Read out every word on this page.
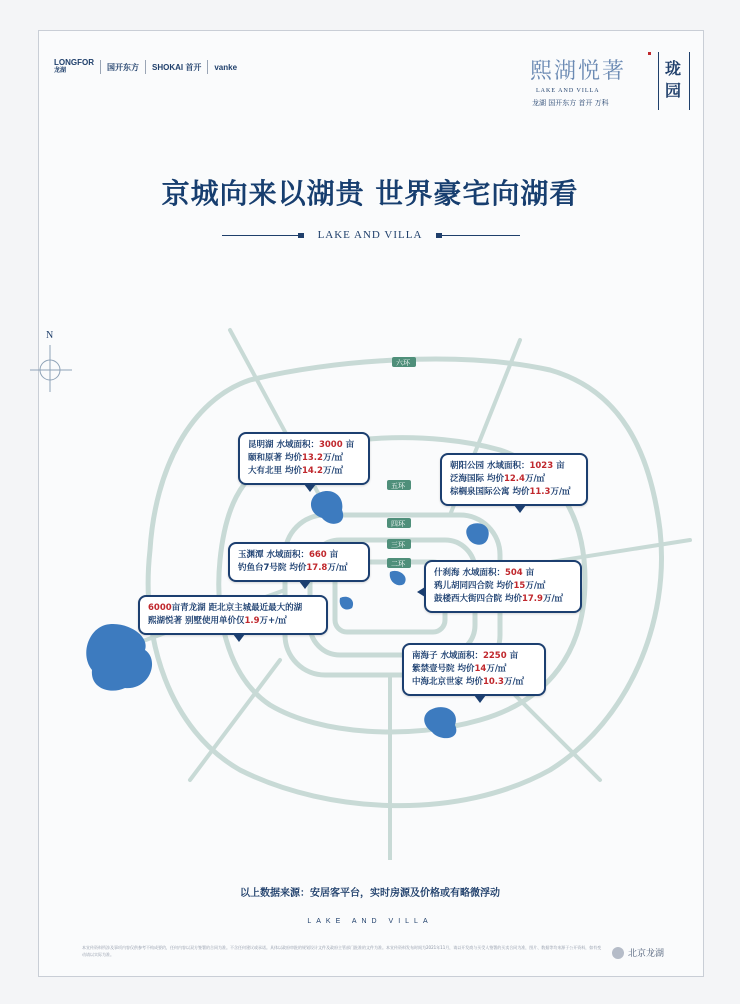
LONGFOR
龙湖	国开东方 SHOKAI 首开 vanke	熙湖悦著
LAKE AND VILLA
龙湖 国开东方 首开 万科
珑园
京城向来以湖贵 世界豪宅向湖看
LAKE AND VILLA
N
六环
五环
四环
三环
二环
昆明湖 水域面积：3000 亩
颐和原著 均价13.2万/㎡
大有北里 均价14.2万/㎡	朝阳公园 水域面积：1023 亩
泛海国际 均价12.4万/㎡
棕榈泉国际公寓 均价11.3万/㎡
玉渊潭 水域面积：660 亩
钓鱼台7号院 均价17.8万/㎡	什刹海 水域面积：504 亩
鸦儿胡同四合院 均价15万/㎡
鼓楼西大街四合院 均价17.9万/㎡
6000亩青龙湖 距北京主城最近最大的湖
熙湖悦著 别墅使用单价仅1.9万+/㎡
南海子 水域面积：2250 亩
紫禁壹号院 均价14万/㎡
中海北京世家 均价10.3万/㎡
以上数据来源：安居客平台，实时房源及价格或有略微浮动
LAKE AND VILLA
本宣传资料所涉及事项内容仅供参考不构成要约，任何内容以双方签署的合同为准。不含任何建议或承诺。具体以政府审批的规划设计文件及政府主管部门批准的文件为准。本宣传资料发布时间为2021年11月，请以开发商与买受人签署的买卖合同为准，图片、数据等均来源于公开资料，如有变动请以实际为准。	北京龙湖
